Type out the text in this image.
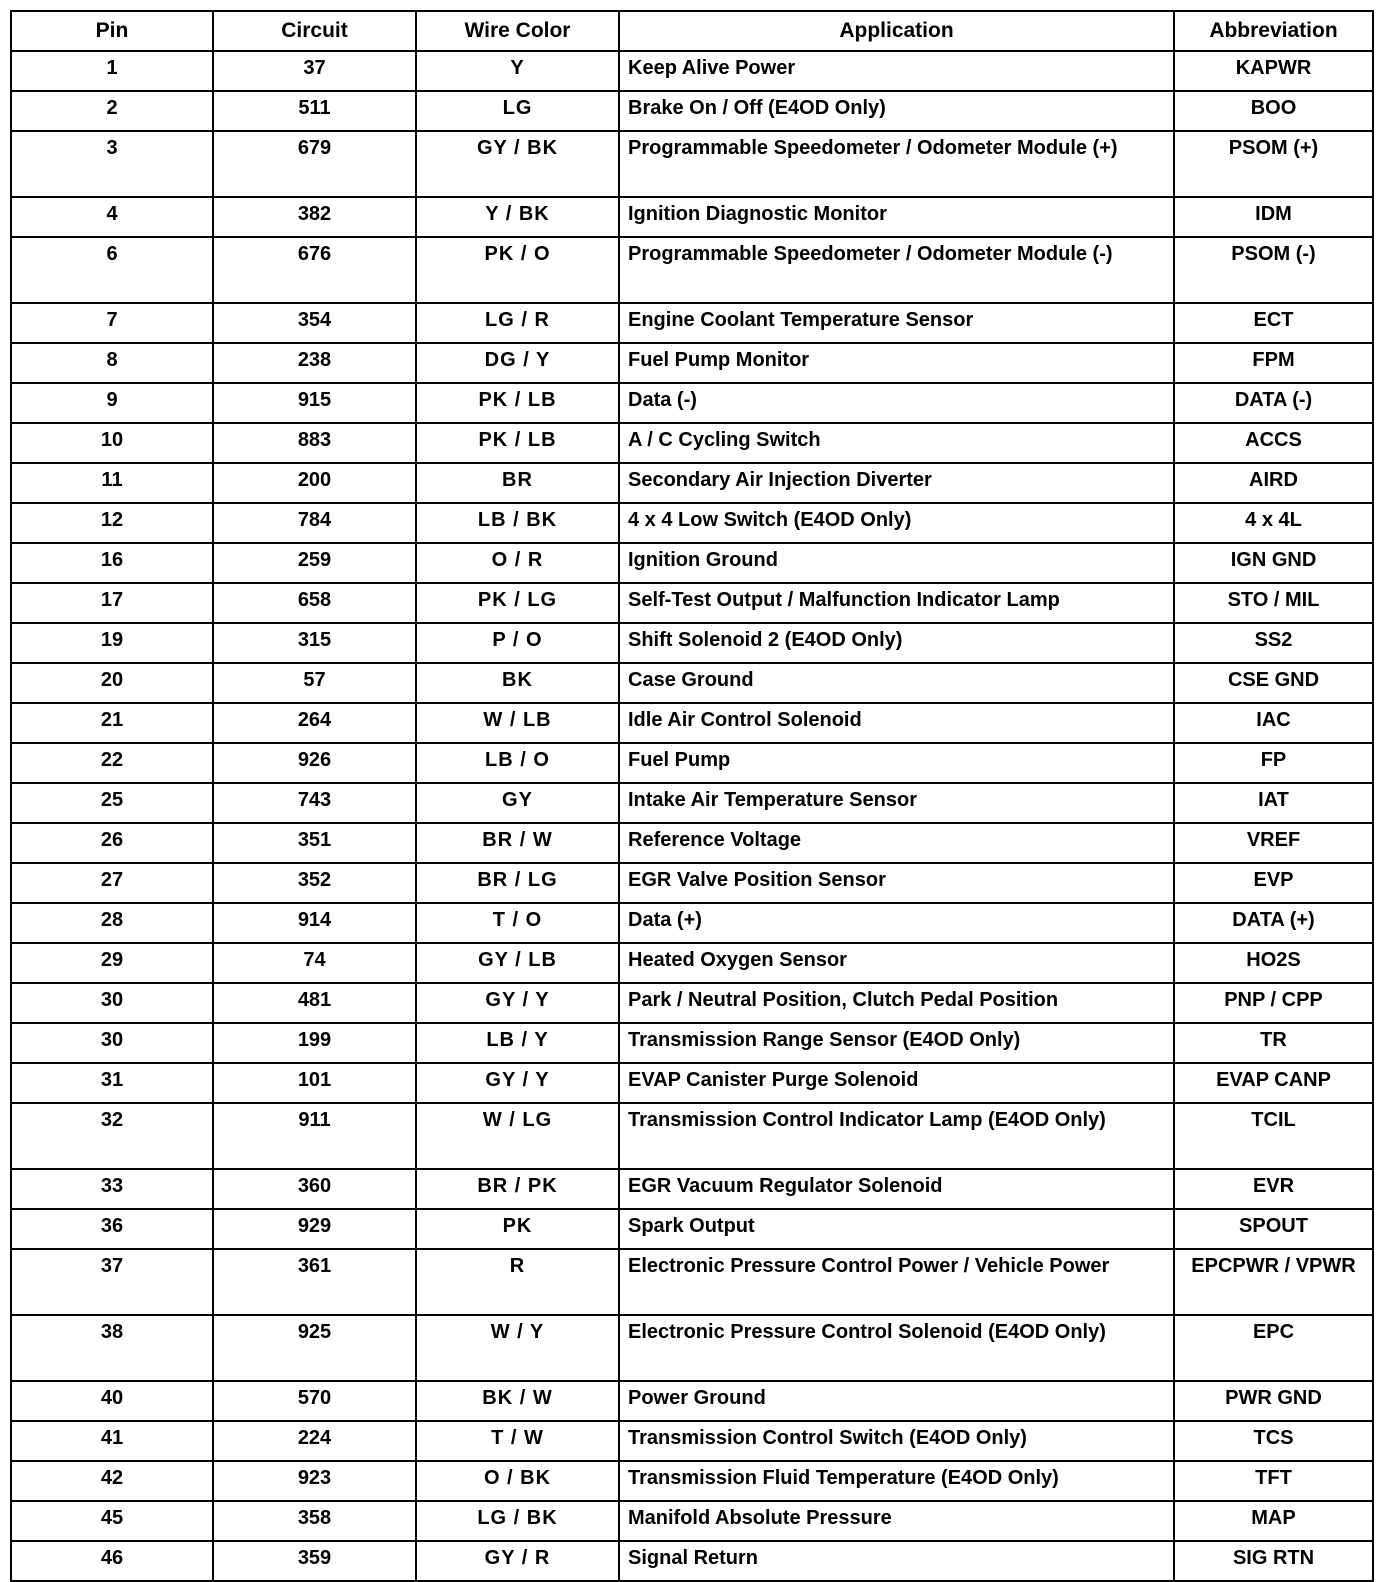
Pin	Circuit	Wire Color	Application	Abbreviation
1	37	Y	Keep Alive Power	KAPWR
2	511	LG	Brake On / Off (E4OD Only)	BOO
3	679	GY / BK	Programmable Speedometer / Odometer Module (+)	PSOM (+)
4	382	Y / BK	Ignition Diagnostic Monitor	IDM
6	676	PK / O	Programmable Speedometer / Odometer Module (-)	PSOM (-)
7	354	LG / R	Engine Coolant Temperature Sensor	ECT
8	238	DG / Y	Fuel Pump Monitor	FPM
9	915	PK / LB	Data (-)	DATA (-)
10	883	PK / LB	A / C Cycling Switch	ACCS
11	200	BR	Secondary Air Injection Diverter	AIRD
12	784	LB / BK	4 x 4 Low Switch (E4OD Only)	4 x 4L
16	259	O / R	Ignition Ground	IGN GND
17	658	PK / LG	Self-Test Output / Malfunction Indicator Lamp	STO / MIL
19	315	P / O	Shift Solenoid 2 (E4OD Only)	SS2
20	57	BK	Case Ground	CSE GND
21	264	W / LB	Idle Air Control Solenoid	IAC
22	926	LB / O	Fuel Pump	FP
25	743	GY	Intake Air Temperature Sensor	IAT
26	351	BR / W	Reference Voltage	VREF
27	352	BR / LG	EGR Valve Position Sensor	EVP
28	914	T / O	Data (+)	DATA (+)
29	74	GY / LB	Heated Oxygen Sensor	HO2S
30	481	GY / Y	Park / Neutral Position, Clutch Pedal Position	PNP / CPP
30	199	LB / Y	Transmission Range Sensor (E4OD Only)	TR
31	101	GY / Y	EVAP Canister Purge Solenoid	EVAP CANP
32	911	W / LG	Transmission Control Indicator Lamp (E4OD Only)	TCIL
33	360	BR / PK	EGR Vacuum Regulator Solenoid	EVR
36	929	PK	Spark Output	SPOUT
37	361	R	Electronic Pressure Control Power / Vehicle Power	EPCPWR / VPWR
38	925	W / Y	Electronic Pressure Control Solenoid (E4OD Only)	EPC
40	570	BK / W	Power Ground	PWR GND
41	224	T / W	Transmission Control Switch (E4OD Only)	TCS
42	923	O / BK	Transmission Fluid Temperature (E4OD Only)	TFT
45	358	LG / BK	Manifold Absolute Pressure	MAP
46	359	GY / R	Signal Return	SIG RTN
